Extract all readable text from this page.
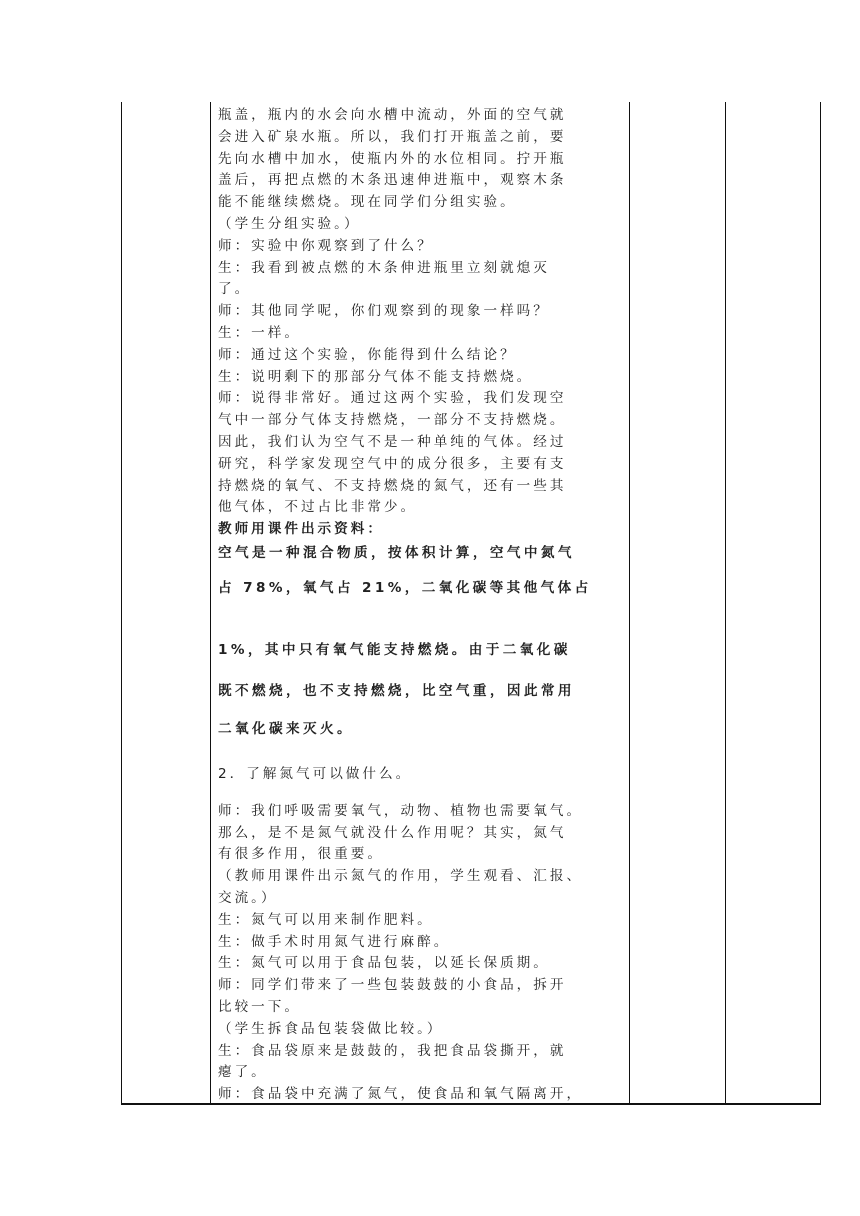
瓶盖，瓶内的水会向水槽中流动，外面的空气就

会进入矿泉水瓶。所以，我们打开瓶盖之前，要

先向水槽中加水，使瓶内外的水位相同。拧开瓶

盖后，再把点燃的木条迅速伸进瓶中，观察木条

能不能继续燃烧。现在同学们分组实验。

（学生分组实验。）

师：实验中你观察到了什么？

生：我看到被点燃的木条伸进瓶里立刻就熄灭

了。

师：其他同学呢，你们观察到的现象一样吗？

生：一样。

师：通过这个实验，你能得到什么结论？

生：说明剩下的那部分气体不能支持燃烧。

师：说得非常好。通过这两个实验，我们发现空

气中一部分气体支持燃烧，一部分不支持燃烧。

因此，我们认为空气不是一种单纯的气体。经过

研究，科学家发现空气中的成分很多，主要有支

持燃烧的氧气、不支持燃烧的氮气，还有一些其

他气体，不过占比非常少。

教师用课件出示资料：

空气是一种混合物质，按体积计算，空气中氮气

占 78%，氧气占 21%，二氧化碳等其他气体占

1%，其中只有氧气能支持燃烧。由于二氧化碳

既不燃烧，也不支持燃烧，比空气重，因此常用

二氧化碳来灭火。

2．了解氮气可以做什么。

师：我们呼吸需要氧气，动物、植物也需要氧气。

那么，是不是氮气就没什么作用呢？其实，氮气

有很多作用，很重要。

（教师用课件出示氮气的作用，学生观看、汇报、

交流。）

生：氮气可以用来制作肥料。

生：做手术时用氮气进行麻醉。

生：氮气可以用于食品包装，以延长保质期。

师：同学们带来了一些包装鼓鼓的小食品，拆开

比较一下。

（学生拆食品包装袋做比较。）

生：食品袋原来是鼓鼓的，我把食品袋撕开，就

瘪了。

师：食品袋中充满了氮气，使食品和氧气隔离开，
